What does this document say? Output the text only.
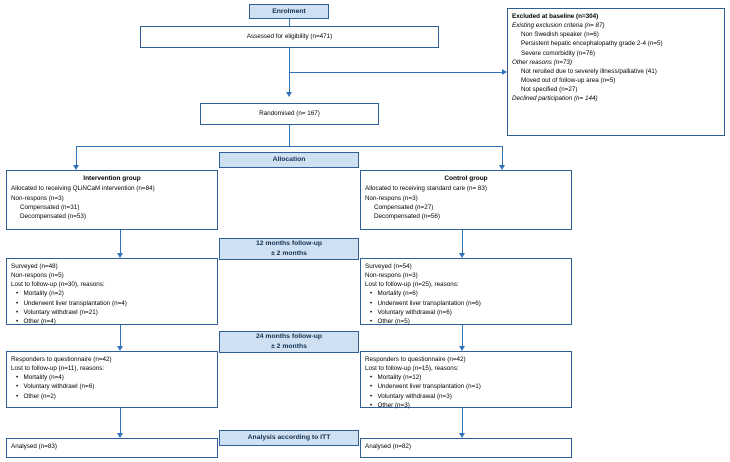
Enrolment
Allocation
12 months follow-up
± 2 months
24 months follow-up
± 2 months
Analysis according to ITT
Assessed for eligibility (n=471)
Excluded at baseline (n=304)
Existing exclusion criteria (n= 87)
Non Swedish speaker (n=6)
Persistent hepatic encephalopathy grade 2-4 (n=5)
Severe comorbidity (n=76)
Other reasons (n=73)
Not reruited due to severely illness/palliative (41)
Moved out of follow-up area (n=5)
Not specified (n=27)
Declined participation (n= 144)
Randomised (n= 167)
Intervention group
Allocated to receiving QLiNCaM intervention (n=84)
Non-respons (n=3)
Compensated (n=31)
Decompensated (n=53)
Control group
Allocated to receiving standard care (n= 83)
Non-respons (n=3)
Compensated (n=27)
Decompensated (n=56)
Surveyed (n=48)
Non-respons (n=5)
Lost to follow-up (n=30), reasons:
•   Mortality (n=2)
•   Underwent liver transplantation (n=4)
•   Voluntary withdrawl (n=21)
•   Other (n=4)
Surveyed (n=54)
Non-respons (n=3)
Lost to follow-up (n=25), reasons:
•   Mortality (n=6)
•   Underwent liver transplantation (n=6)
•   Voluntary withdrawal (n=6)
•   Other (n=5)
Responders to questionnaire (n=42)
Lost to follow-up (n=11), reasons:
•   Mortality (n=4)
•   Voluntary withdrawl (n=6)
•   Other (n=2)
Responders to questionnaire (n=42)
Lost to follow-up (n=15), reasons:
•   Mortality (n=12)
•   Underwent liver transplantation (n=1)
•   Voluntary withdrawal (n=3)
•   Other (n=3)
Analysed (n=83)	Analysed (n=82)
